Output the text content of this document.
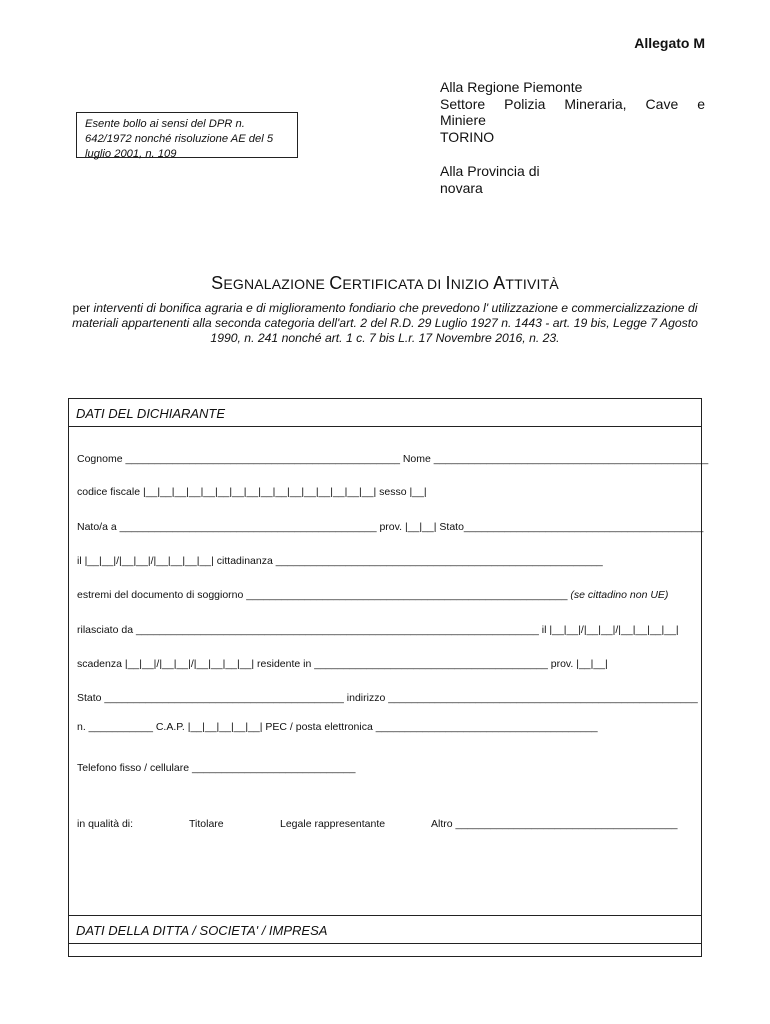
Allegato M
Esente bollo ai sensi del DPR n. 642/1972 nonché risoluzione AE del 5 luglio 2001, n. 109
Alla Regione Piemonte
Settore Polizia Mineraria, Cave e
Miniere
TORINO
Alla Provincia di
novara
SEGNALAZIONE CERTIFICATA DI INIZIO ATTIVITÀ
per interventi di bonifica agraria e di miglioramento fondiario che prevedono l' utilizzazione e commercializzazione di materiali appartenenti alla seconda categoria dell'art. 2 del R.D. 29 Luglio 1927 n. 1443 - art. 19 bis, Legge 7 Agosto 1990, n. 241 nonché art. 1 c. 7 bis L.r. 17 Novembre 2016, n. 23.
DATI DEL DICHIARANTE
Cognome _______________________________________________ Nome _______________________________________________
codice fiscale |__|__|__|__|__|__|__|__|__|__|__|__|__|__|__|__| sesso |__|
Nato/a a ____________________________________________ prov. |__|__| Stato_________________________________________
il |__|__|/|__|__|/|__|__|__|__| cittadinanza ________________________________________________________
estremi del documento di soggiorno _______________________________________________________ (se cittadino non UE)
rilasciato da _____________________________________________________________________ il |__|__|/|__|__|/|__|__|__|__|
scadenza |__|__|/|__|__|/|__|__|__|__| residente in ________________________________________ prov. |__|__|
Stato _________________________________________ indirizzo _____________________________________________________
n. ___________ C.A.P. |__|__|__|__|__| PEC / posta elettronica ______________________________________
Telefono fisso / cellulare ____________________________
in qualità di:	Titolare	Legale rappresentante	Altro ______________________________________
DATI DELLA DITTA / SOCIETA' / IMPRESA
